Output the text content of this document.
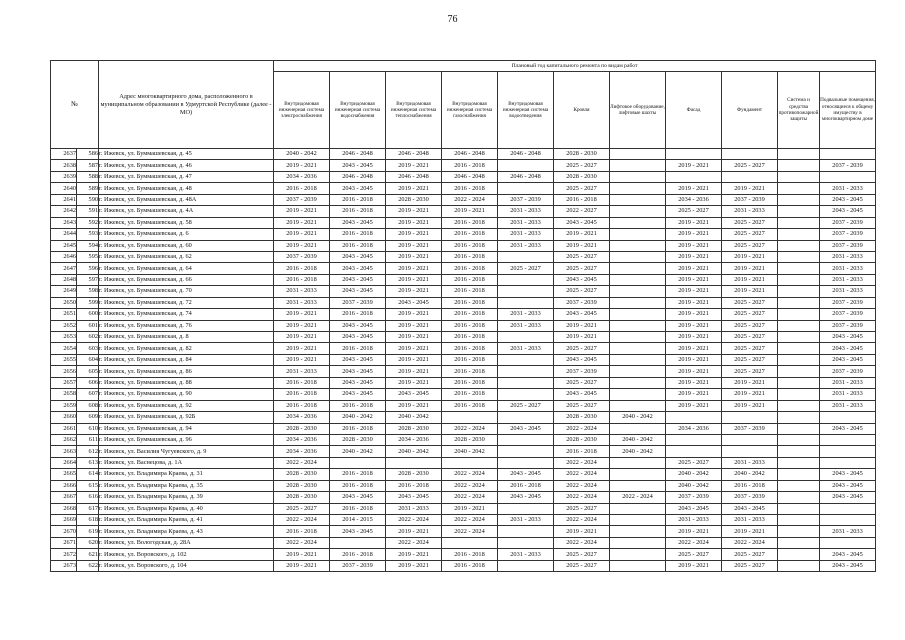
76
№		Адрес многоквартирного дома, расположенного в муниципальном образовании в Удмуртской Республике (далее - МО)	Плановый год капитального ремонта по видам работ										
			Внутридомовая инженерная система электроснабжения	Внутридомовая инженерная система водоснабжения	Внутридомовая инженерная система теплоснабжения	Внутридомовая инженерная система газоснабжения	Внутридомовая инженерная система водоотведения	Кровля	Лифтовое оборудование, лифтовые шахты	Фасад	Фундамент	Система и средства противопожарной защиты	Подвальные помещения, относящиеся к общему имуществу в многоквартирном доме
2637	586	г. Ижевск, ул. Буммашевская, д. 45	2040 - 2042	2046 - 2048	2046 - 2048	2046 - 2048	2046 - 2048	2028 - 2030					
2638	587	г. Ижевск, ул. Буммашевская, д. 46	2019 - 2021	2043 - 2045	2019 - 2021	2016 - 2018		2025 - 2027		2019 - 2021	2025 - 2027		2037 - 2039
2639	588	г. Ижевск, ул. Буммашевская, д. 47	2034 - 2036	2046 - 2048	2046 - 2048	2046 - 2048	2046 - 2048	2028 - 2030					
2640	589	г. Ижевск, ул. Буммашевская, д. 48	2016 - 2018	2043 - 2045	2019 - 2021	2016 - 2018		2025 - 2027		2019 - 2021	2019 - 2021		2031 - 2033
2641	590	г. Ижевск, ул. Буммашевская, д. 48А	2037 - 2039	2016 - 2018	2028 - 2030	2022 - 2024	2037 - 2039	2016 - 2018		2034 - 2036	2037 - 2039		2043 - 2045
2642	591	г. Ижевск, ул. Буммашевская, д. 4А	2019 - 2021	2016 - 2018	2019 - 2021	2019 - 2021	2031 - 2033	2022 - 2027		2025 - 2027	2031 - 2033		2043 - 2045
2643	592	г. Ижевск, ул. Буммашевская, д. 58	2019 - 2021	2043 - 2045	2019 - 2021	2016 - 2018	2031 - 2033	2043 - 2045		2019 - 2021	2025 - 2027		2037 - 2039
2644	593	г. Ижевск, ул. Буммашевская, д. 6	2019 - 2021	2016 - 2018	2019 - 2021	2016 - 2018	2031 - 2033	2019 - 2021		2019 - 2021	2025 - 2027		2037 - 2039
2645	594	г. Ижевск, ул. Буммашевская, д. 60	2019 - 2021	2016 - 2018	2019 - 2021	2016 - 2018	2031 - 2033	2019 - 2021		2019 - 2021	2025 - 2027		2037 - 2039
2646	595	г. Ижевск, ул. Буммашевская, д. 62	2037 - 2039	2043 - 2045	2019 - 2021	2016 - 2018		2025 - 2027		2019 - 2021	2019 - 2021		2031 - 2033
2647	596	г. Ижевск, ул. Буммашевская, д. 64	2016 - 2018	2043 - 2045	2019 - 2021	2016 - 2018	2025 - 2027	2025 - 2027		2019 - 2021	2019 - 2021		2031 - 2033
2648	597	г. Ижевск, ул. Буммашевская, д. 66	2016 - 2018	2043 - 2045	2019 - 2021	2016 - 2018		2043 - 2045		2019 - 2021	2019 - 2021		2031 - 2033
2649	598	г. Ижевск, ул. Буммашевская, д. 70	2031 - 2033	2043 - 2045	2019 - 2021	2016 - 2018		2025 - 2027		2019 - 2021	2019 - 2021		2031 - 2033
2650	599	г. Ижевск, ул. Буммашевская, д. 72	2031 - 2033	2037 - 2039	2043 - 2045	2016 - 2018		2037 - 2039		2019 - 2021	2025 - 2027		2037 - 2039
2651	600	г. Ижевск, ул. Буммашевская, д. 74	2019 - 2021	2016 - 2018	2019 - 2021	2016 - 2018	2031 - 2033	2043 - 2045		2019 - 2021	2025 - 2027		2037 - 2039
2652	601	г. Ижевск, ул. Буммашевская, д. 76	2019 - 2021	2043 - 2045	2019 - 2021	2016 - 2018	2031 - 2033	2019 - 2021		2019 - 2021	2025 - 2027		2037 - 2039
2653	602	г. Ижевск, ул. Буммашевская, д. 8	2019 - 2021	2043 - 2045	2019 - 2021	2016 - 2018		2019 - 2021		2019 - 2021	2025 - 2027		2043 - 2045
2654	603	г. Ижевск, ул. Буммашевская, д. 82	2019 - 2021	2016 - 2018	2019 - 2021	2016 - 2018	2031 - 2033	2025 - 2027		2019 - 2021	2025 - 2027		2043 - 2045
2655	604	г. Ижевск, ул. Буммашевская, д. 84	2019 - 2021	2043 - 2045	2019 - 2021	2016 - 2018		2043 - 2045		2019 - 2021	2025 - 2027		2043 - 2045
2656	605	г. Ижевск, ул. Буммашевская, д. 86	2031 - 2033	2043 - 2045	2019 - 2021	2016 - 2018		2037 - 2039		2019 - 2021	2025 - 2027		2037 - 2039
2657	606	г. Ижевск, ул. Буммашевская, д. 88	2016 - 2018	2043 - 2045	2019 - 2021	2016 - 2018		2025 - 2027		2019 - 2021	2019 - 2021		2031 - 2033
2658	607	г. Ижевск, ул. Буммашевская, д. 90	2016 - 2018	2043 - 2045	2043 - 2045	2016 - 2018		2043 - 2045		2019 - 2021	2019 - 2021		2031 - 2033
2659	608	г. Ижевск, ул. Буммашевская, д. 92	2016 - 2018	2016 - 2018	2019 - 2021	2016 - 2018	2025 - 2027	2025 - 2027		2019 - 2021	2019 - 2021		2031 - 2033
2660	609	г. Ижевск, ул. Буммашевская, д. 92Б	2034 - 2036	2040 - 2042	2040 - 2042			2028 - 2030	2040 - 2042				
2661	610	г. Ижевск, ул. Буммашевская, д. 94	2028 - 2030	2016 - 2018	2028 - 2030	2022 - 2024	2043 - 2045	2022 - 2024		2034 - 2036	2037 - 2039		2043 - 2045
2662	611	г. Ижевск, ул. Буммашевская, д. 96	2034 - 2036	2028 - 2030	2034 - 2036	2028 - 2030		2028 - 2030	2040 - 2042				
2663	612	г. Ижевск, ул. Василия Чугуевского, д. 9	2034 - 2036	2040 - 2042	2040 - 2042	2040 - 2042		2016 - 2018	2040 - 2042				
2664	613	г. Ижевск, ул. Васнецова, д. 1А	2022 - 2024					2022 - 2024		2025 - 2027	2031 - 2033		
2665	614	г. Ижевск, ул. Владимира Краева, д. 31	2028 - 2030	2016 - 2018	2028 - 2030	2022 - 2024	2043 - 2045	2022 - 2024		2040 - 2042	2040 - 2042		2043 - 2045
2666	615	г. Ижевск, ул. Владимира Краева, д. 35	2028 - 2030	2016 - 2018	2016 - 2018	2022 - 2024	2016 - 2018	2022 - 2024		2040 - 2042	2016 - 2018		2043 - 2045
2667	616	г. Ижевск, ул. Владимира Краева, д. 39	2028 - 2030	2043 - 2045	2043 - 2045	2022 - 2024	2043 - 2045	2022 - 2024	2022 - 2024	2037 - 2039	2037 - 2039		2043 - 2045
2668	617	г. Ижевск, ул. Владимира Краева, д. 40	2025 - 2027	2016 - 2018	2031 - 2033	2019 - 2021		2025 - 2027		2043 - 2045	2043 - 2045		
2669	618	г. Ижевск, ул. Владимира Краева, д. 41	2022 - 2024	2014 - 2015	2022 - 2024	2022 - 2024	2031 - 2033	2022 - 2024		2031 - 2033	2031 - 2033		
2670	619	г. Ижевск, ул. Владимира Краева, д. 43	2016 - 2018	2043 - 2045	2019 - 2021	2022 - 2024		2019 - 2021		2019 - 2021	2019 - 2021		2031 - 2033
2671	620	г. Ижевск, ул. Вологодская, д. 28А	2022 - 2024		2022 - 2024			2022 - 2024		2022 - 2024	2022 - 2024		
2672	621	г. Ижевск, ул. Воровского, д. 102	2019 - 2021	2016 - 2018	2019 - 2021	2016 - 2018	2031 - 2033	2025 - 2027		2025 - 2027	2025 - 2027		2043 - 2045
2673	622	г. Ижевск, ул. Воровского, д. 104	2019 - 2021	2037 - 2039	2019 - 2021	2016 - 2018		2025 - 2027		2019 - 2021	2025 - 2027		2043 - 2045
